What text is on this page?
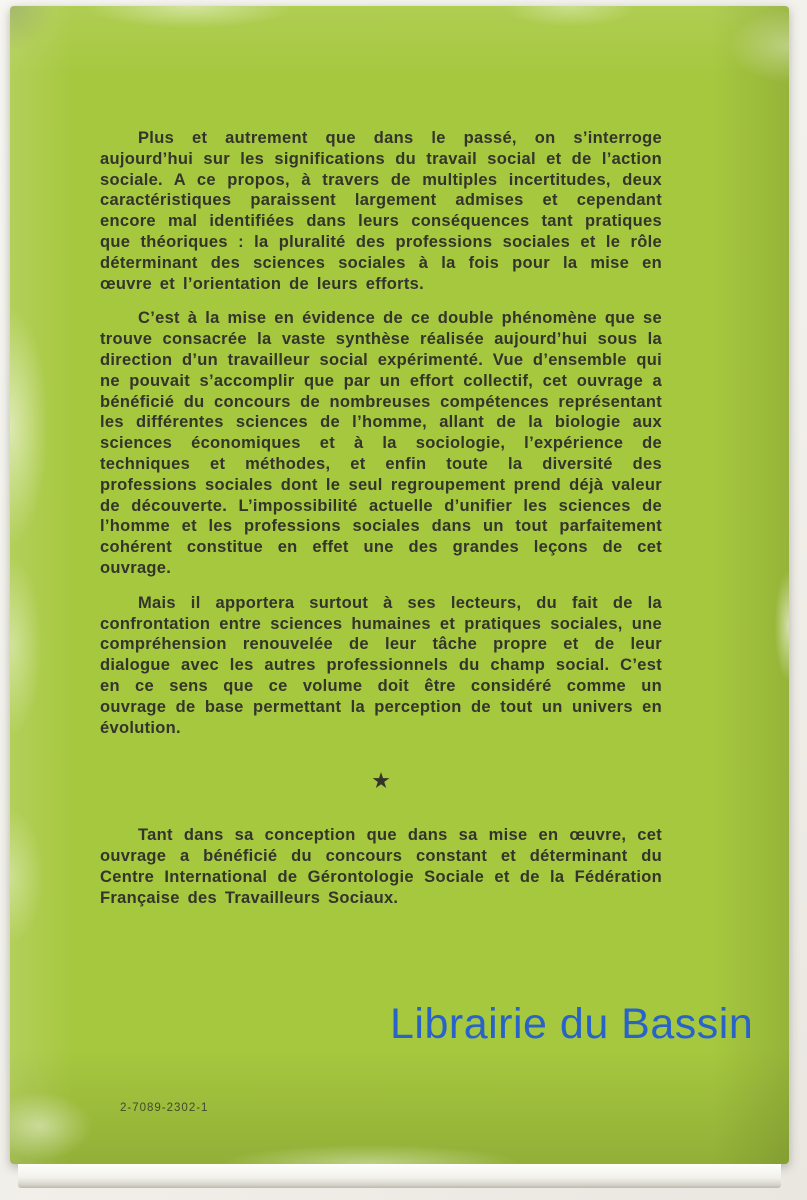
Plus et autrement que dans le passé, on s’interroge aujourd’hui sur les significations du travail social et de l’action sociale. A ce propos, à travers de multiples incertitudes, deux caractéristiques paraissent largement admises et cependant encore mal identifiées dans leurs conséquences tant pratiques que théoriques : la pluralité des professions sociales et le rôle déterminant des sciences sociales à la fois pour la mise en œuvre et l’orientation de leurs efforts.

C’est à la mise en évidence de ce double phénomène que se trouve consacrée la vaste synthèse réalisée aujourd’hui sous la direction d’un travailleur social expérimenté. Vue d’ensemble qui ne pouvait s’accomplir que par un effort collectif, cet ouvrage a bénéficié du concours de nombreuses compétences représentant les différentes sciences de l’homme, allant de la biologie aux sciences économiques et à la sociologie, l’expérience de techniques et méthodes, et enfin toute la diversité des professions sociales dont le seul regroupement prend déjà valeur de découverte. L’impossibilité actuelle d’unifier les sciences de l’homme et les professions sociales dans un tout parfaitement cohérent constitue en effet une des grandes leçons de cet ouvrage.

Mais il apportera surtout à ses lecteurs, du fait de la confrontation entre sciences humaines et pratiques sociales, une compréhension renouvelée de leur tâche propre et de leur dialogue avec les autres professionnels du champ social. C’est en ce sens que ce volume doit être considéré comme un ouvrage de base permettant la perception de tout un univers en évolution.

★

Tant dans sa conception que dans sa mise en œuvre, cet ouvrage a bénéficié du concours constant et déterminant du Centre International de Gérontologie Sociale et de la Fédération Française des Travailleurs Sociaux.

Librairie du Bassin
2-7089-2302-1
